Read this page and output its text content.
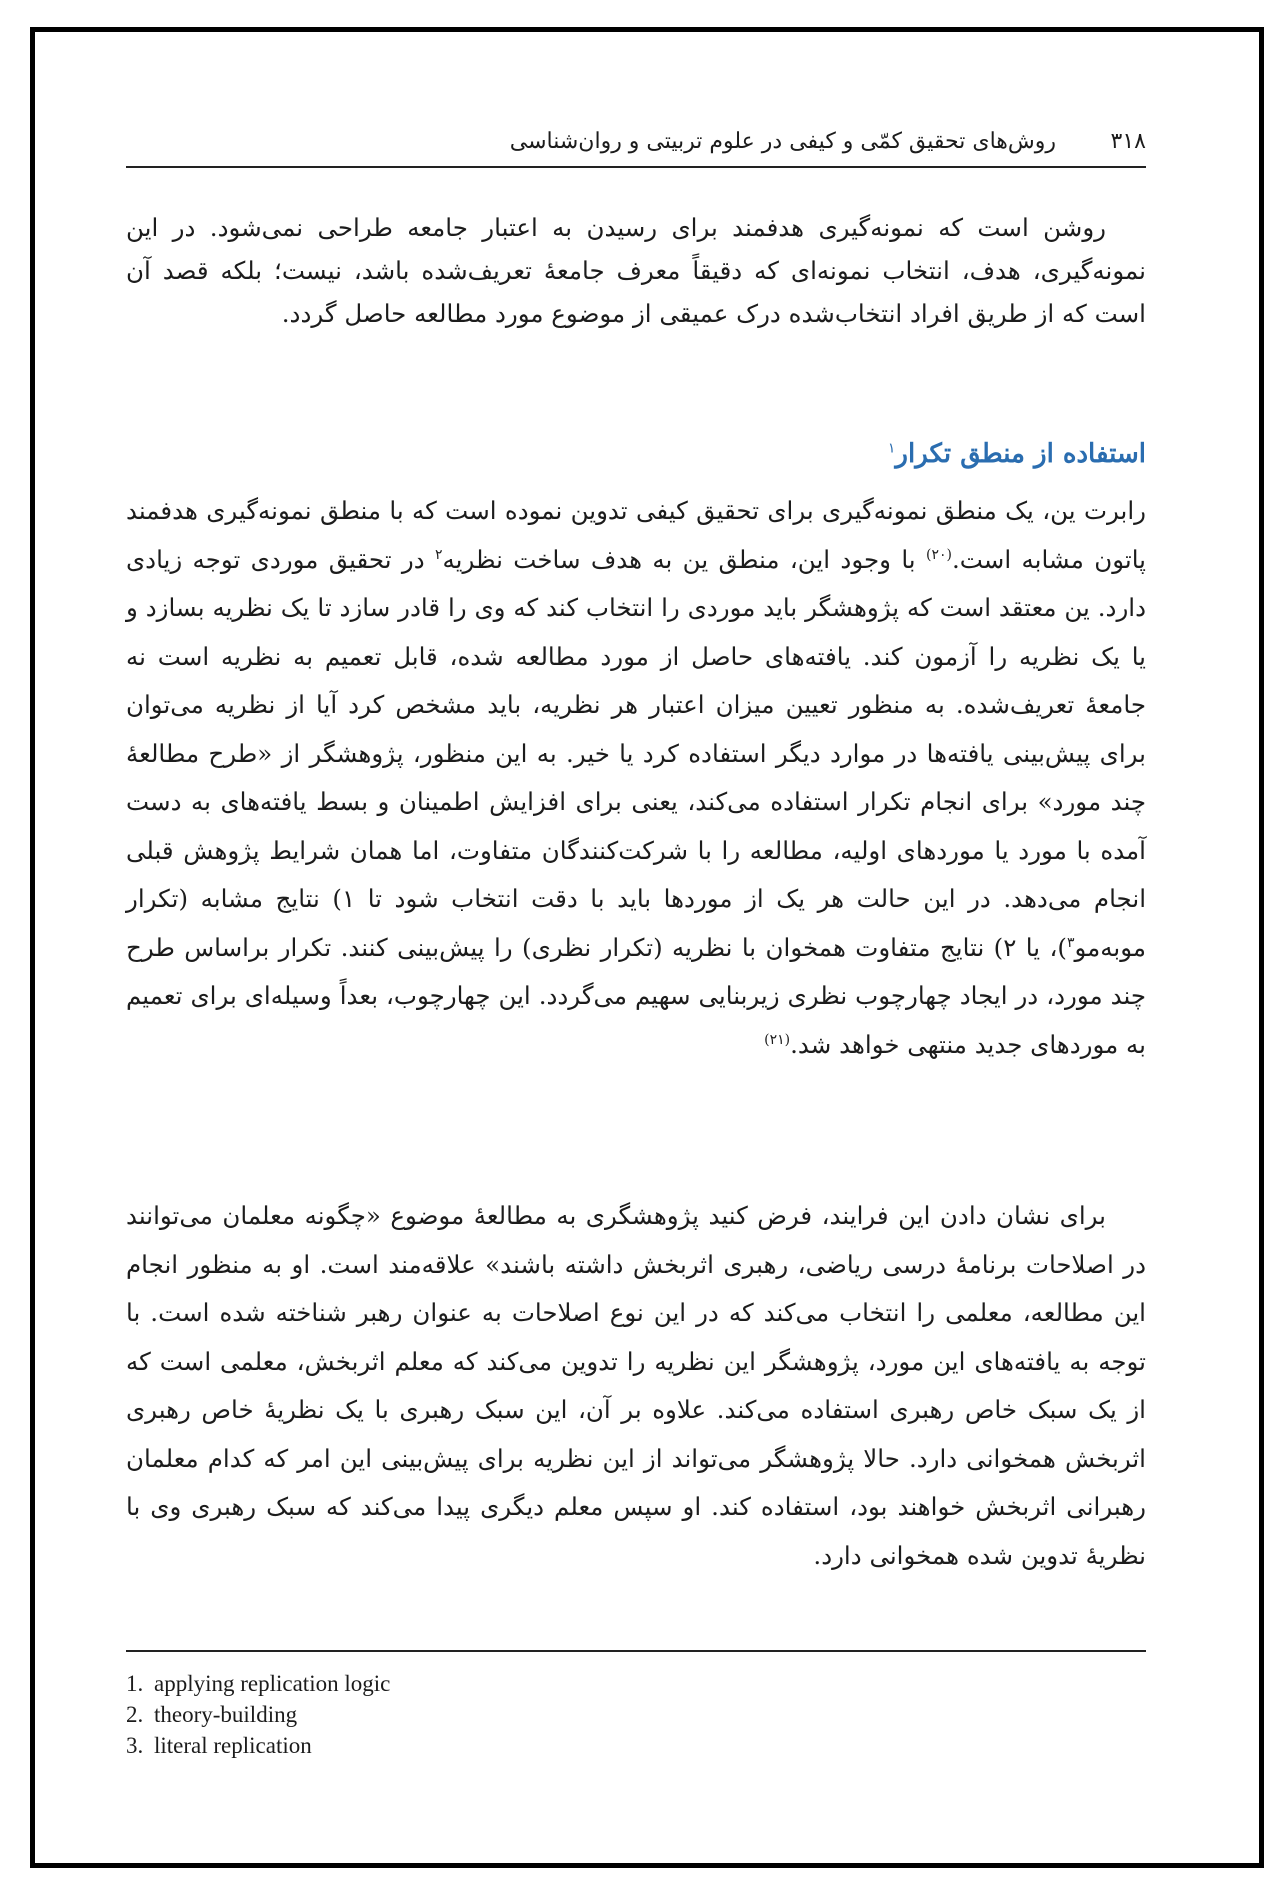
۳۱۸
روش‌های تحقیق کمّی و کیفی در علوم تربیتی و روان‌شناسی

روشن است که نمونه‌گیری هدفمند برای رسیدن به اعتبار جامعه طراحی نمی‌شود. در این نمونه‌گیری، هدف، انتخاب نمونه‌ای که دقیقاً معرف جامعهٔ تعریف‌شده باشد، نیست؛ بلکه قصد آن است که از طریق افراد انتخاب‌شده درک عمیقی از موضوع مورد مطالعه حاصل گردد.

استفاده از منطق تکرار$^۱$

رابرت ین، یک منطق نمونه‌گیری برای تحقیق کیفی تدوین نموده است که با منطق نمونه‌گیری هدفمند پاتون مشابه است.$^{(۲۰)}$ با وجود این، منطق ین به هدف ساخت نظریه$^۲$ در تحقیق موردی توجه زیادی دارد. ین معتقد است که پژوهشگر باید موردی را انتخاب کند که وی را قادر سازد تا یک نظریه بسازد و یا یک نظریه را آزمون کند. یافته‌های حاصل از مورد مطالعه شده، قابل تعمیم به نظریه است نه جامعهٔ تعریف‌شده. به منظور تعیین میزان اعتبار هر نظریه، باید مشخص کرد آیا از نظریه می‌توان برای پیش‌بینی یافته‌ها در موارد دیگر استفاده کرد یا خیر. به این منظور، پژوهشگر از «طرح مطالعهٔ چند مورد» برای انجام تکرار استفاده می‌کند، یعنی برای افزایش اطمینان و بسط یافته‌های به دست آمده با مورد یا موردهای اولیه، مطالعه را با شرکت‌کنندگان متفاوت، اما همان شرایط پژوهش قبلی انجام می‌دهد. در این حالت هر یک از موردها باید با دقت انتخاب شود تا ۱) نتایج مشابه (تکرار موبه‌مو$^۳$)، یا ۲) نتایج متفاوت همخوان با نظریه (تکرار نظری) را پیش‌بینی کنند. تکرار براساس طرح چند مورد، در ایجاد چهارچوب نظری زیربنایی سهیم می‌گردد. این چهارچوب، بعداً وسیله‌ای برای تعمیم به موردهای جدید منتهی خواهد شد.$^{(۲۱)}$

برای نشان دادن این فرایند، فرض کنید پژوهشگری به مطالعهٔ موضوع «چگونه معلمان می‌توانند در اصلاحات برنامهٔ درسی ریاضی، رهبری اثربخش داشته باشند» علاقه‌مند است. او به منظور انجام این مطالعه، معلمی را انتخاب می‌کند که در این نوع اصلاحات به عنوان رهبر شناخته شده است. با توجه به یافته‌های این مورد، پژوهشگر این نظریه را تدوین می‌کند که معلم اثربخش، معلمی است که از یک سبک خاص رهبری استفاده می‌کند. علاوه بر آن، این سبک رهبری با یک نظریهٔ خاص رهبری اثربخش همخوانی دارد. حالا پژوهشگر می‌تواند از این نظریه برای پیش‌بینی این امر که کدام معلمان رهبرانی اثربخش خواهند بود، استفاده کند. او سپس معلم دیگری پیدا می‌کند که سبک رهبری وی با نظریهٔ تدوین شده همخوانی دارد.

1. applying replication logic
2. theory-building
3. literal replication
